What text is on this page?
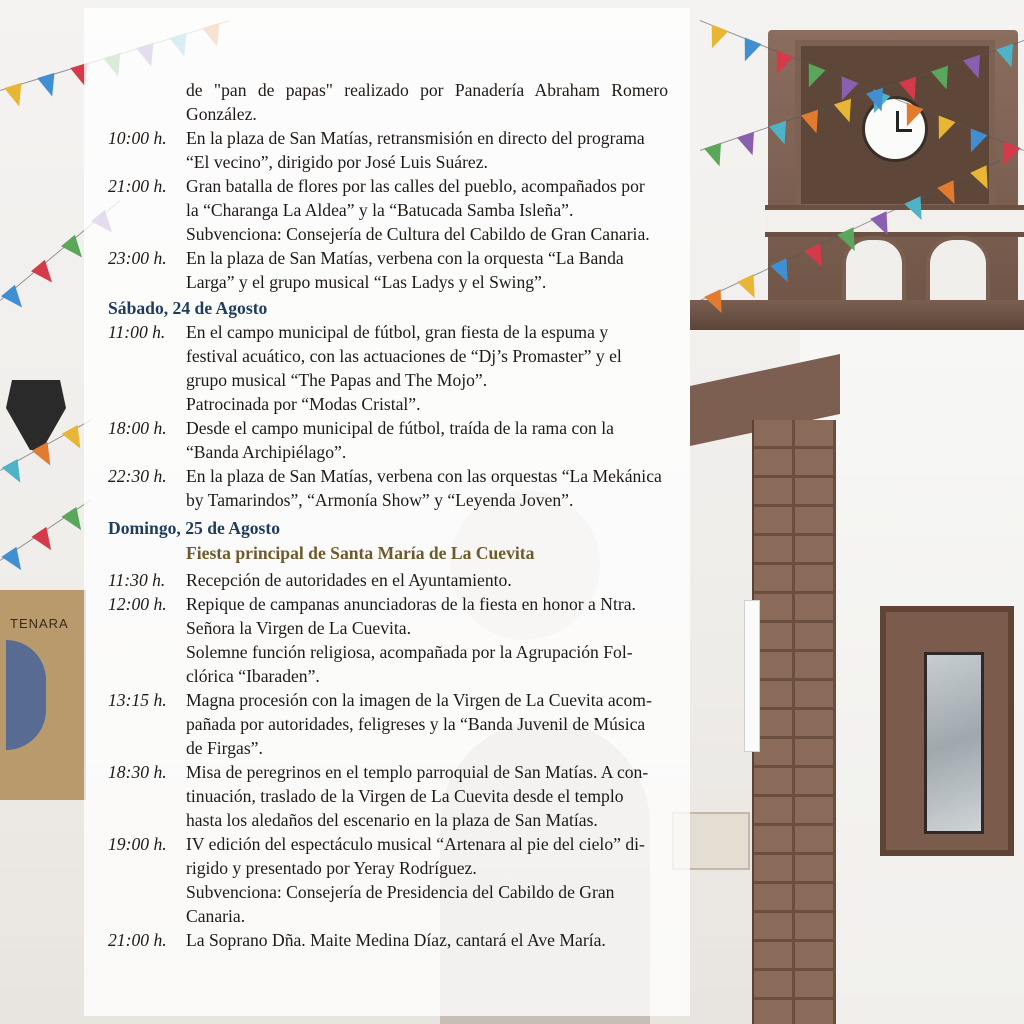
TENARA
de "pan de papas" realizado por Panadería Abraham Romero González.
10:00 h.	En la plaza de San Matías, retransmisión en directo del programa
“El vecino”, dirigido por José Luis Suárez.
21:00 h.	Gran batalla de flores por las calles del pueblo, acompañados por
la “Charanga La Aldea” y la “Batucada Samba Isleña”.
Subvenciona: Consejería de Cultura del Cabildo de Gran Canaria.
23:00 h.	En la plaza de San Matías, verbena con la orquesta “La Banda
Larga” y el grupo musical “Las Ladys y el Swing”.
Sábado, 24 de Agosto
11:00 h.	En el campo municipal de fútbol, gran fiesta de la espuma y
festival acuático, con las actuaciones de “Dj’s Promaster” y el
grupo musical “The Papas and The Mojo”.
Patrocinada por “Modas Cristal”.
18:00 h.	Desde el campo municipal de fútbol, traída de la rama con la
“Banda Archipiélago”.
22:30 h.	En la plaza de San Matías, verbena con las orquestas “La Mekánica
by Tamarindos”, “Armonía Show” y “Leyenda Joven”.
Domingo, 25 de Agosto
Fiesta principal de Santa María de La Cuevita
11:30 h.	Recepción de autoridades en el Ayuntamiento.
12:00 h.	Repique de campanas anunciadoras de la fiesta en honor a Ntra.
Señora la Virgen de La Cuevita.
Solemne función religiosa, acompañada por la Agrupación Fol-
clórica “Ibaraden”.
13:15 h.	Magna procesión con la imagen de la Virgen de La Cuevita acom-
pañada por autoridades, feligreses y la “Banda Juvenil de Música
de Firgas”.
18:30 h.	Misa de peregrinos en el templo parroquial de San Matías. A con-
tinuación, traslado de la Virgen de La Cuevita desde el templo
hasta los aledaños del escenario en la plaza de San Matías.
19:00 h.	IV edición del espectáculo musical “Artenara al pie del cielo” di-
rigido y presentado por Yeray Rodríguez.
Subvenciona: Consejería de Presidencia del Cabildo de Gran
Canaria.
21:00 h.	La Soprano Dña. Maite Medina Díaz, cantará el Ave María.
